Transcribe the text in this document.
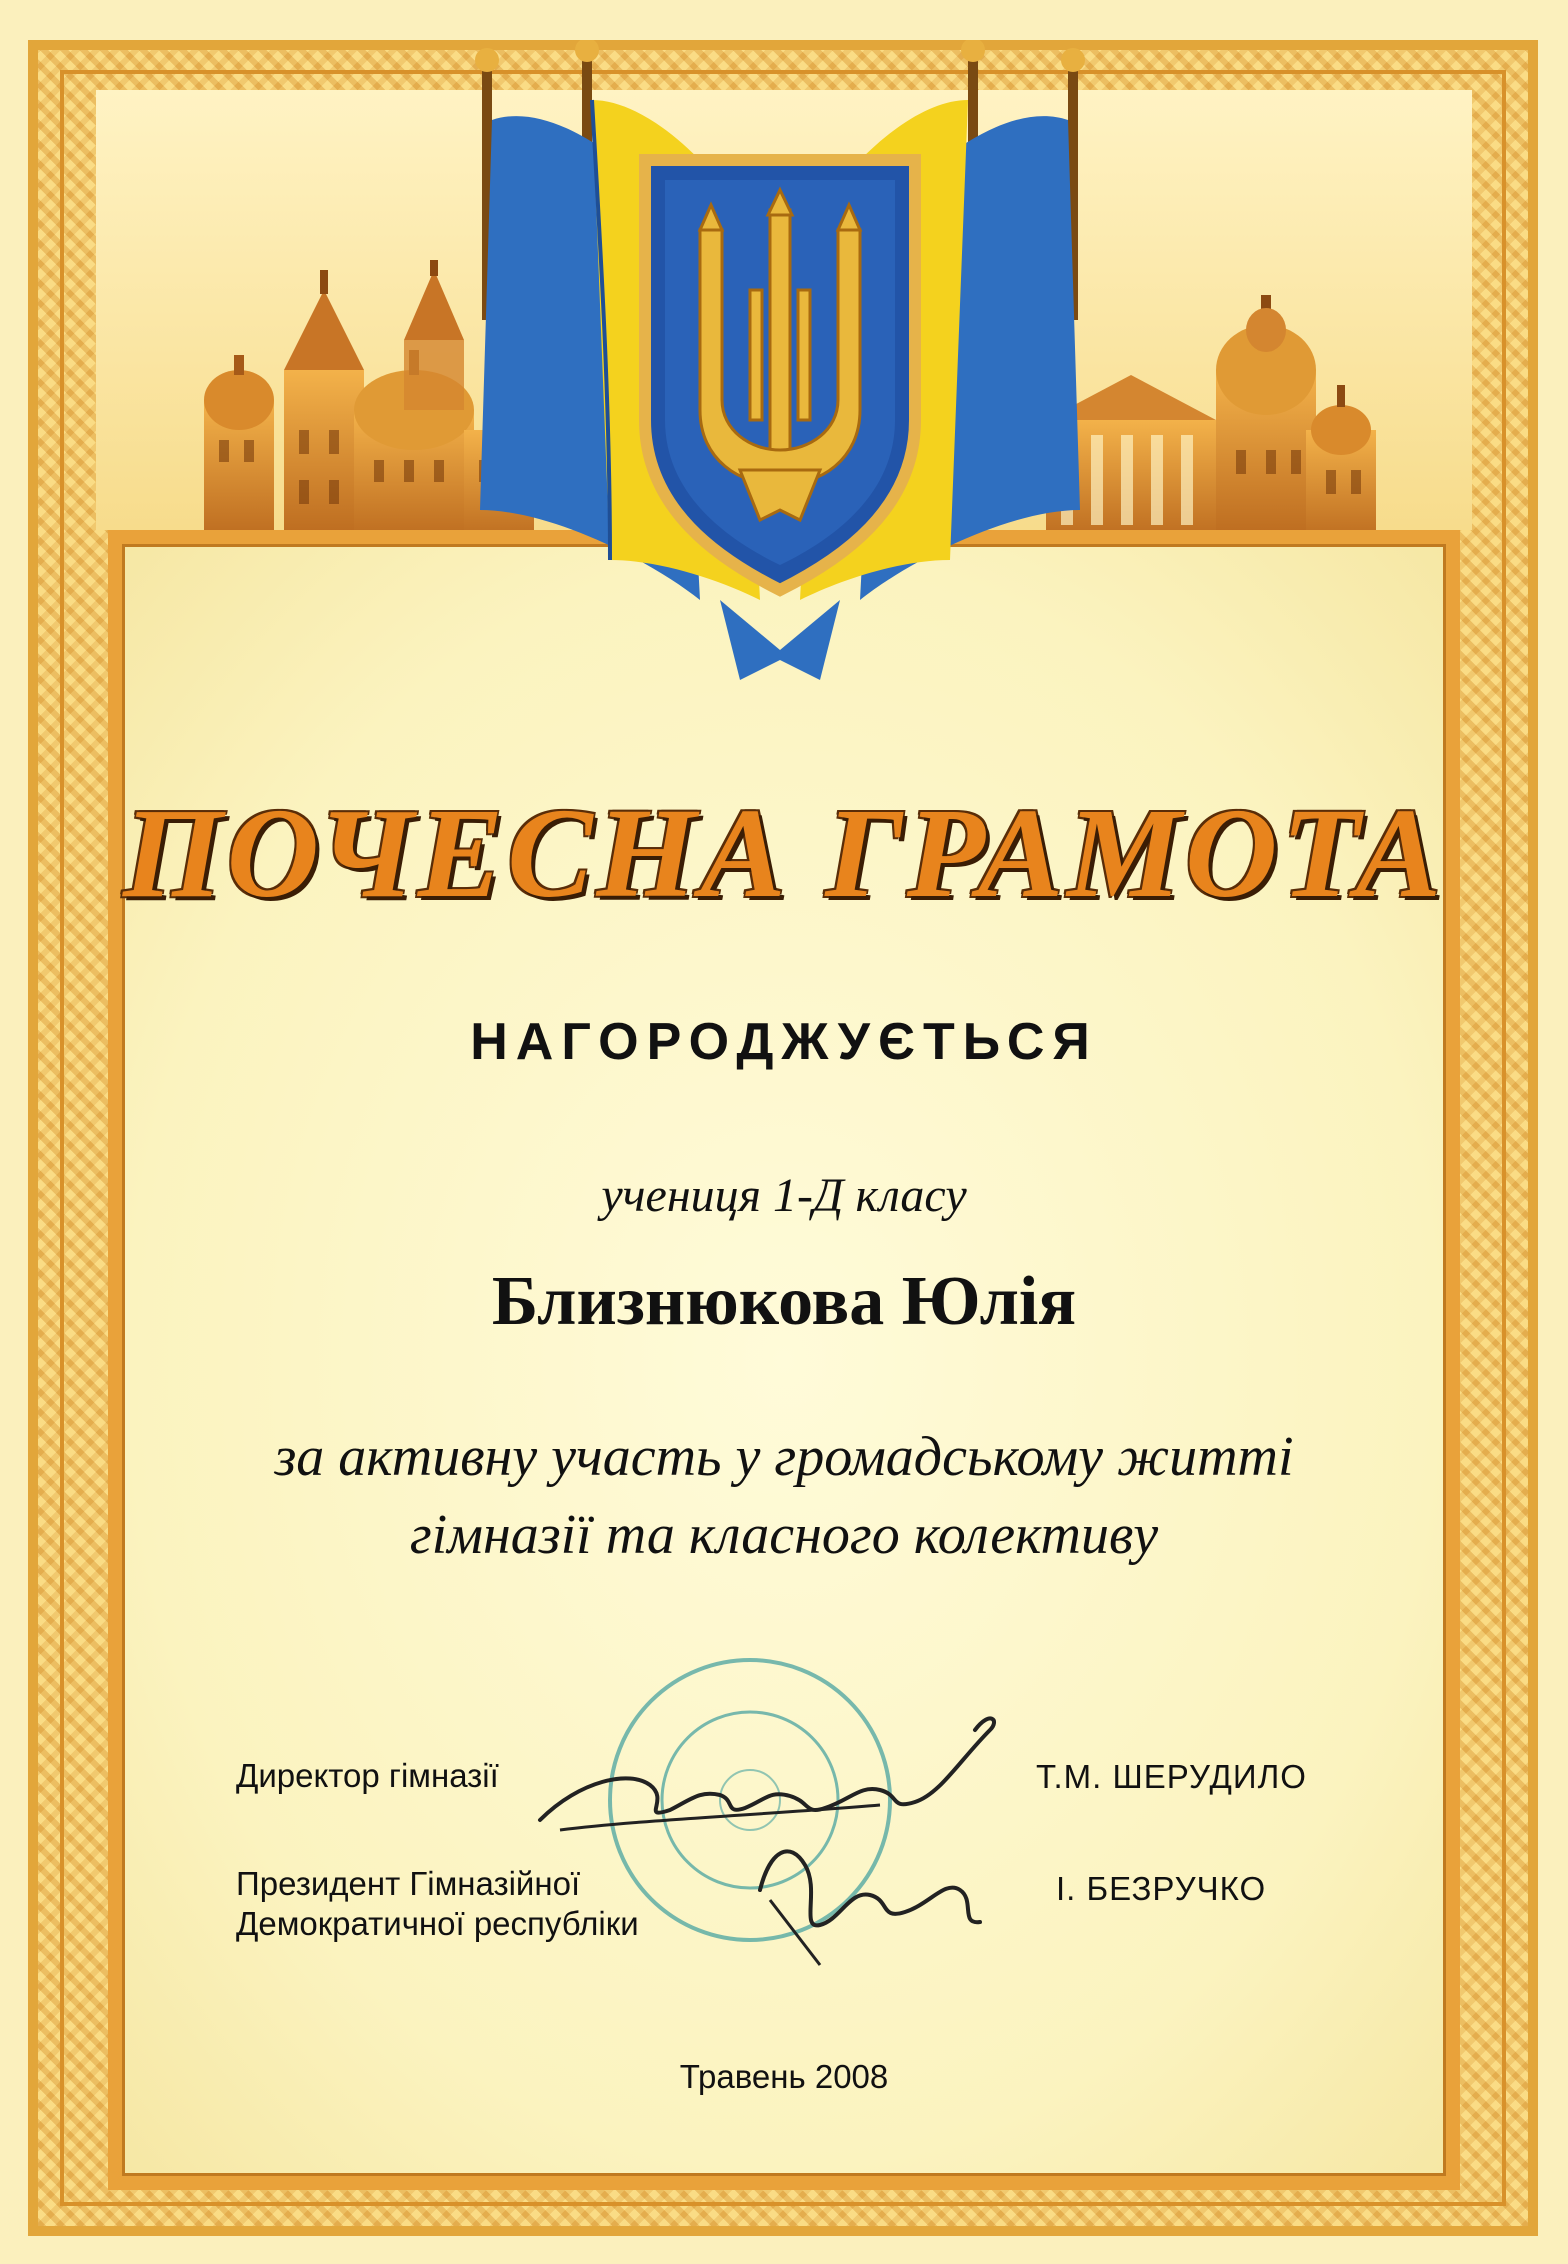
ПОЧЕСНА ГРАМОТА
НАГОРОДЖУЄТЬСЯ
учениця 1-Д класу
Близнюкова Юлія
за активну участь у громадському житті
гімназії та класного колективу
Директор гімназії	Т.М. ШЕРУДИЛО
Президент Гімназійної
Демократичної республіки
І. БЕЗРУЧКО
Травень 2008
